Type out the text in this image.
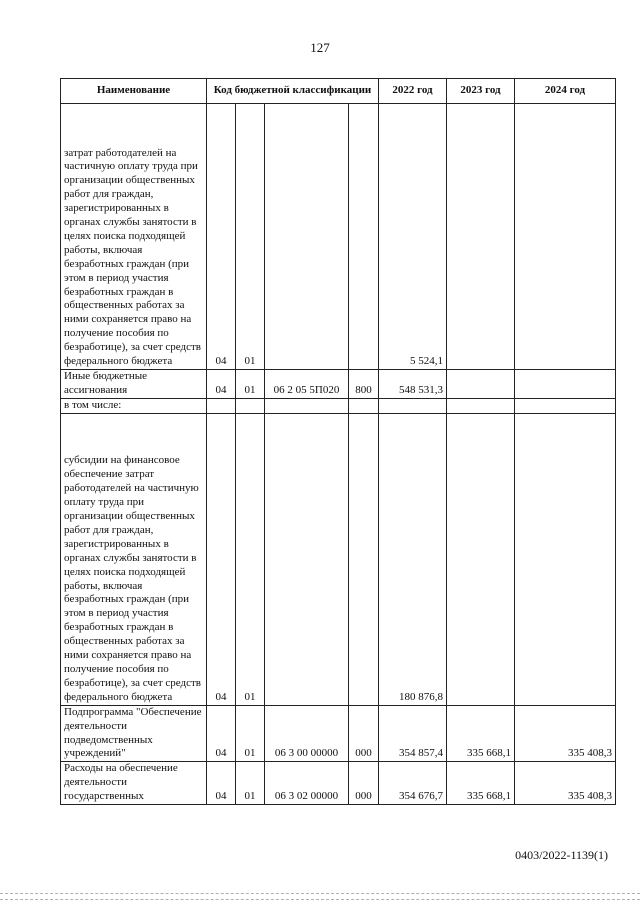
127
Наименование	Код бюджетной классификации				2022 год	2023 год	2024 год
затрат работодателей на частичную оплату труда при организации общественных работ для граждан, зарегистрированных в органах службы занятости в целях поиска подходящей работы, включая безработных граждан (при этом в период участия безработных граждан в общественных работах за ними сохраняется право на получение пособия по безработице), за счет средств федерального бюджета	04	01			5 524,1		
Иные бюджетные ассигнования	04	01	06 2 05 5П020	800	548 531,3		
в том числе:							
субсидии на финансовое обеспечение затрат работодателей на частичную оплату труда при организации общественных работ для граждан, зарегистрированных в органах службы занятости в целях поиска подходящей работы, включая безработных граждан (при этом в период участия безработных граждан в общественных работах за ними сохраняется право на получение пособия по безработице), за счет средств федерального бюджета	04	01			180 876,8		
Подпрограмма "Обеспечение деятельности подведомственных учреждений"	04	01	06 3 00 00000	000	354 857,4	335 668,1	335 408,3
Расходы на обеспечение деятельности государственных	04	01	06 3 02 00000	000	354 676,7	335 668,1	335 408,3
0403/2022-1139(1)
